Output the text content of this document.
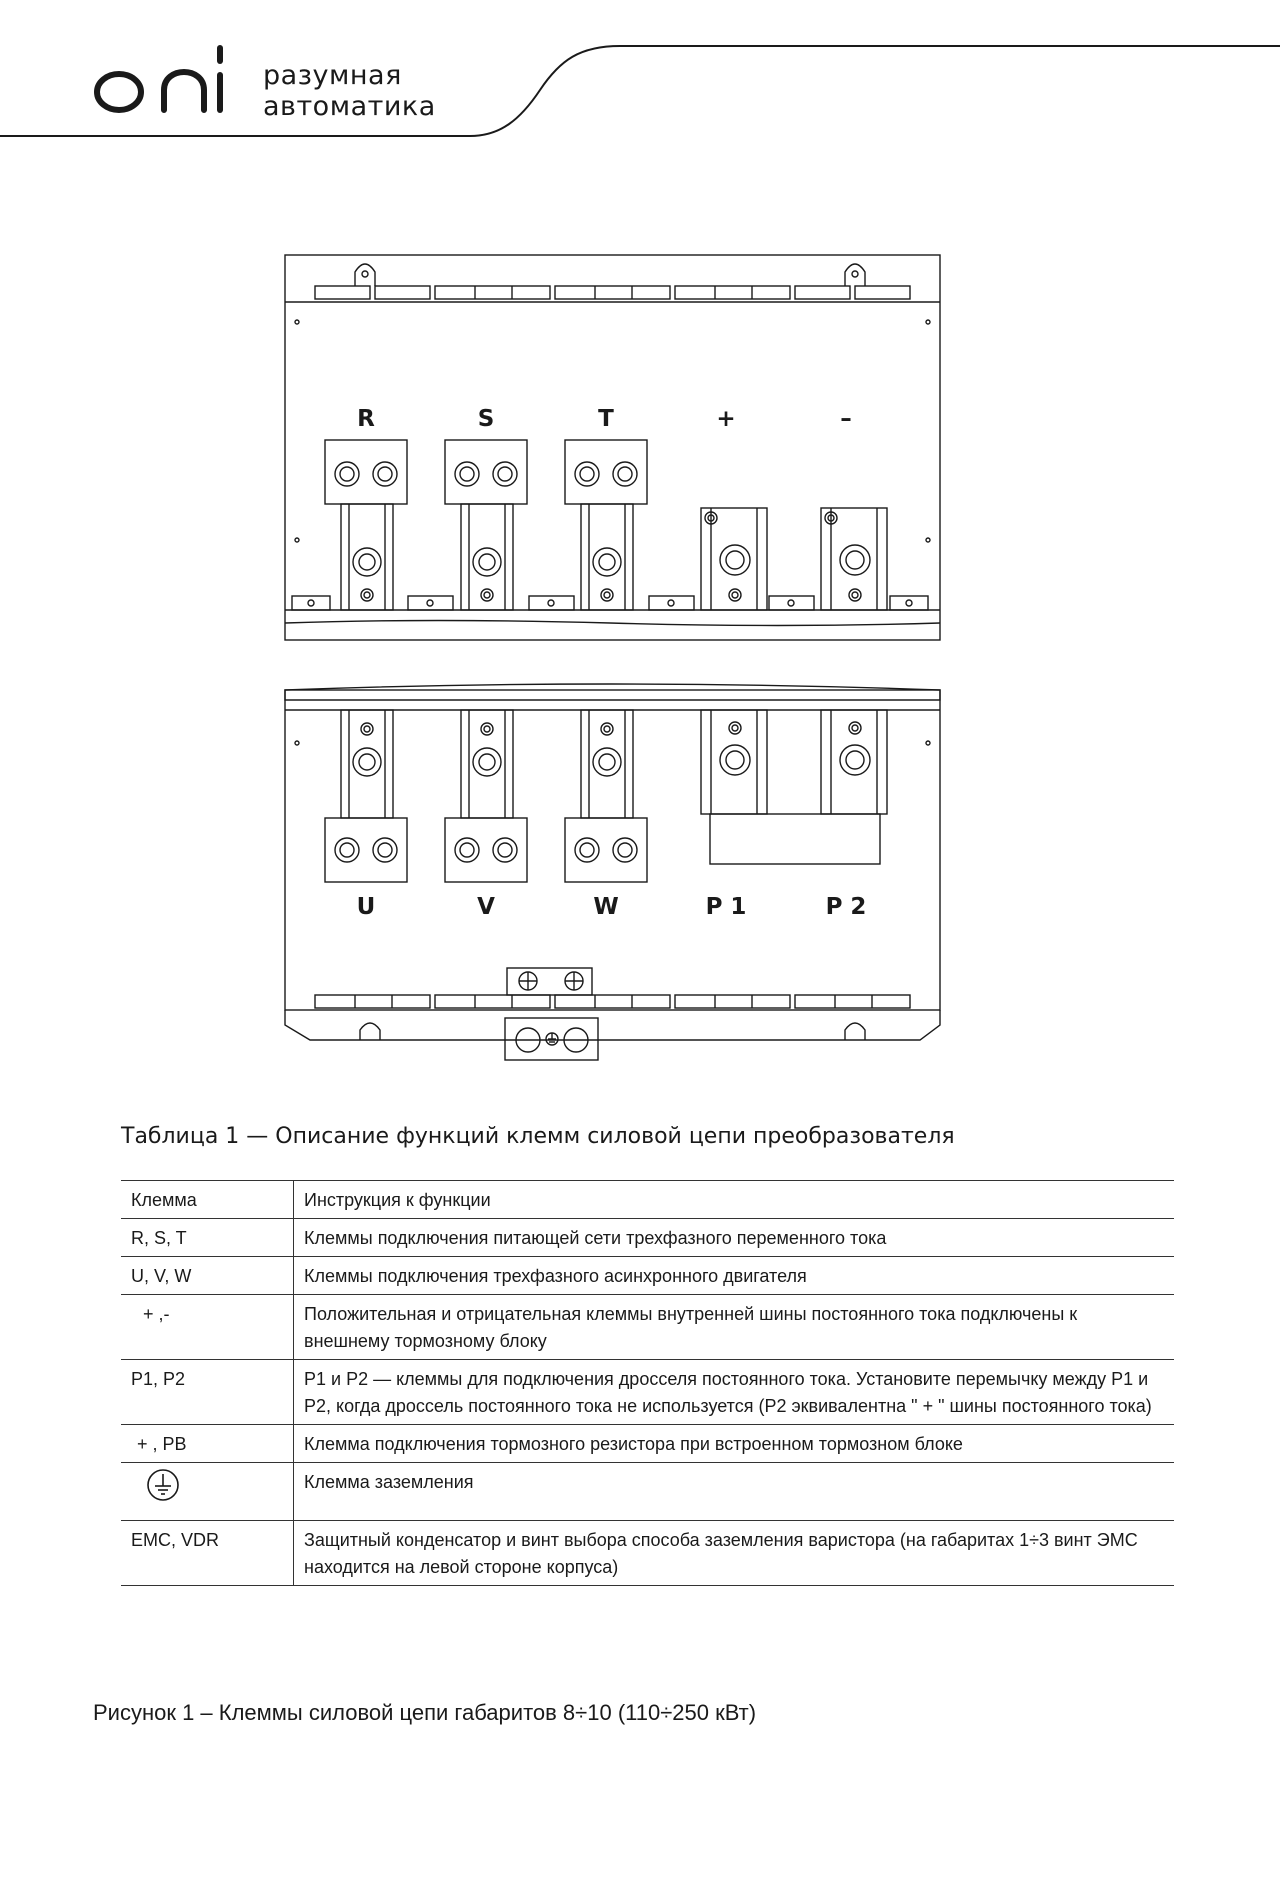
разумная
автоматика
R	S	T	+	–
U	V	W	P 1	P 2
Таблица 1 — Описание функций клемм силовой цепи преобразователя
Клемма	Инструкция к функции
R, S, T	Клеммы подключения питающей сети трехфазного переменного тока
U, V, W	Клеммы подключения трехфазного асинхронного двигателя
+ ,-	Положительная и отрицательная клеммы внутренней шины постоянного тока подключены к внешнему тормозному блоку
P1, P2	P1 и P2 — клеммы для подключения дросселя постоянного тока. Установите перемычку между P1 и P2, когда дроссель постоянного тока не используется (P2 эквивалентна " + " шины постоянного тока)
+ , PB	Клемма подключения тормозного резистора при встроенном тормозном блоке
	Клемма заземления
EMC, VDR	Защитный конденсатор и винт выбора способа заземления варистора (на габаритах 1÷3 винт ЭМС находится на левой стороне корпуса)
Рисунок 1 – Клеммы силовой цепи габаритов 8÷10 (110÷250 кВт)
